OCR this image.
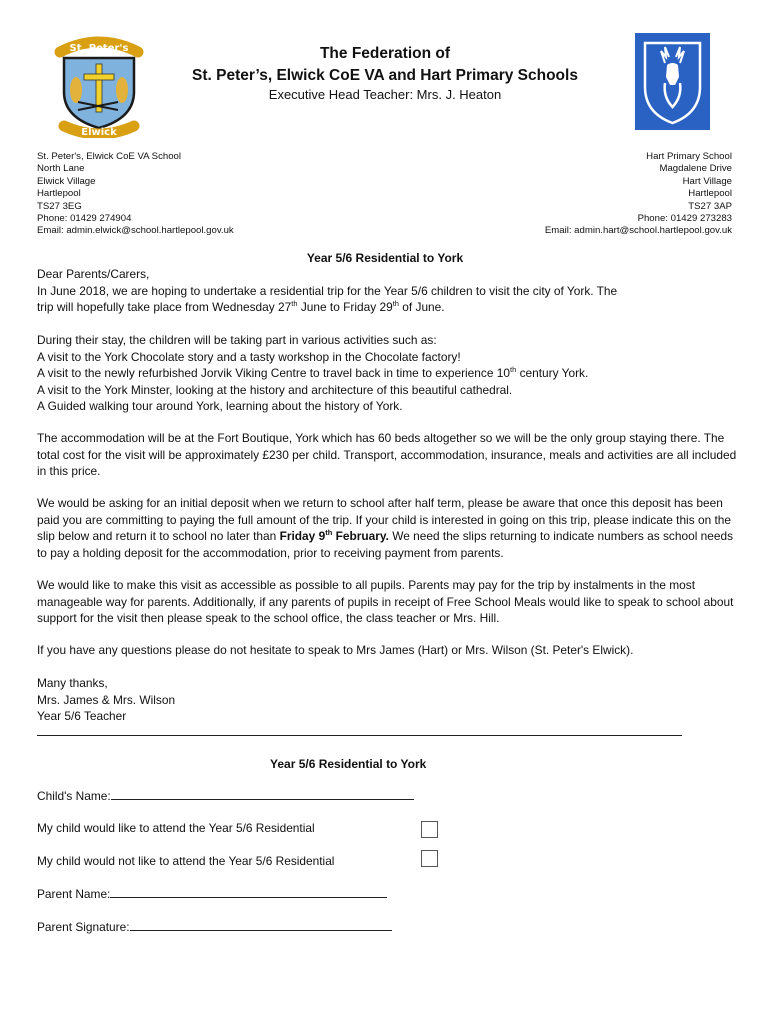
St. Peter's
Elwick
The Federation of
St. Peter’s, Elwick CoE VA and Hart Primary Schools
Executive Head Teacher: Mrs. J. Heaton
St. Peter's, Elwick CoE VA School
North Lane
Elwick Village
Hartlepool
TS27 3EG
Phone: 01429 274904
Email: admin.elwick@school.hartlepool.gov.uk
Hart Primary School
Magdalene Drive
Hart Village
Hartlepool
TS27 3AP
Phone: 01429 273283
Email: admin.hart@school.hartlepool.gov.uk
Year 5/6 Residential to York

Dear Parents/Carers,

In June 2018, we are hoping to undertake a residential trip for the Year 5/6 children to visit the city of York. The

trip will hopefully take place from Wednesday 27th June to Friday 29th of June.

During their stay, the children will be taking part in various activities such as:

A visit to the York Chocolate story and a tasty workshop in the Chocolate factory!

A visit to the newly refurbished Jorvik Viking Centre to travel back in time to experience 10th century York.

A visit to the York Minster, looking at the history and architecture of this beautiful cathedral.

A Guided walking tour around York, learning about the history of York.

The accommodation will be at the Fort Boutique, York which has 60 beds altogether so we will be the only group staying there. The total cost for the visit will be approximately £230 per child. Transport, accommodation, insurance, meals and activities are all included in this price.
We would be asking for an initial deposit when we return to school after half term, please be aware that once this deposit has been paid you are committing to paying the full amount of the trip. If your child is interested in going on this trip, please indicate this on the slip below and return it to school no later than Friday 9th February. We need the slips returning to indicate numbers as school needs to pay a holding deposit for the accommodation, prior to receiving payment from parents.
We would like to make this visit as accessible as possible to all pupils. Parents may pay for the trip by instalments in the most manageable way for parents. Additionally, if any parents of pupils in receipt of Free School Meals would like to speak to school about support for the visit then please speak to the school office, the class teacher or Mrs. Hill.
If you have any questions please do not hesitate to speak to Mrs James (Hart) or Mrs. Wilson (St. Peter's Elwick).

Many thanks,

Mrs. James & Mrs. Wilson

Year 5/6 Teacher

Year 5/6 Residential to York
Child's Name:
My child would like to attend the Year 5/6 Residential
My child would not like to attend the Year 5/6 Residential
Parent Name:
Parent Signature:
